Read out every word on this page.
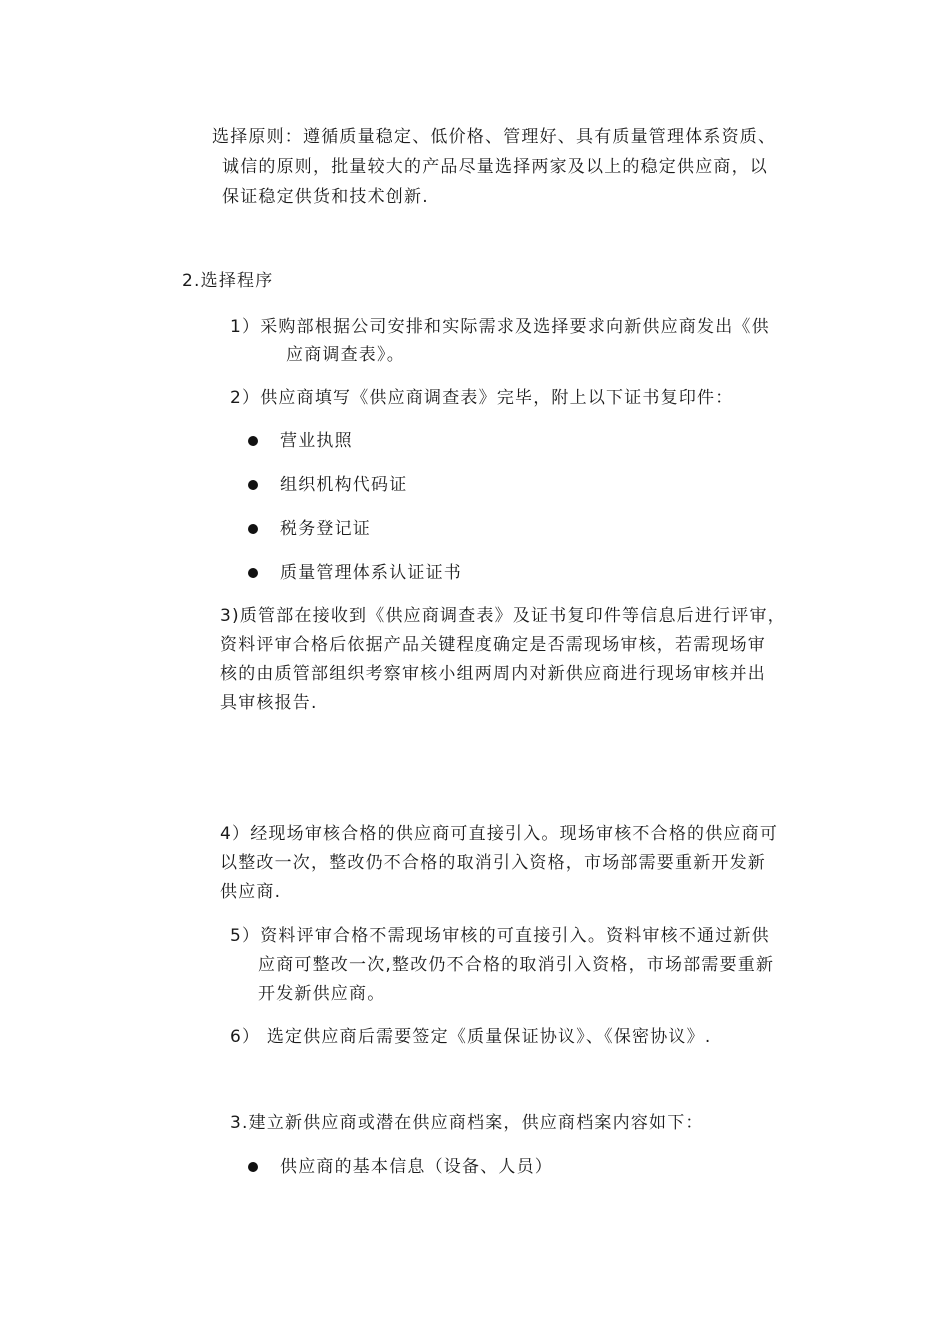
选择原则：遵循质量稳定、低价格、管理好、具有质量管理体系资质、
诚信的原则，批量较大的产品尽量选择两家及以上的稳定供应商，以
保证稳定供货和技术创新.
2.选择程序
1）采购部根据公司安排和实际需求及选择要求向新供应商发出《供
应商调查表》。
2）供应商填写《供应商调查表》完毕，附上以下证书复印件：
营业执照
组织机构代码证
税务登记证
质量管理体系认证证书
3)质管部在接收到《供应商调查表》及证书复印件等信息后进行评审，
资料评审合格后依据产品关键程度确定是否需现场审核，若需现场审
核的由质管部组织考察审核小组两周内对新供应商进行现场审核并出
具审核报告.
4）经现场审核合格的供应商可直接引入。现场审核不合格的供应商可
以整改一次，整改仍不合格的取消引入资格，市场部需要重新开发新
供应商.
5）资料评审合格不需现场审核的可直接引入。资料审核不通过新供
应商可整改一次,整改仍不合格的取消引入资格，市场部需要重新
开发新供应商。
6） 选定供应商后需要签定《质量保证协议》、《保密协议》.
3.建立新供应商或潜在供应商档案，供应商档案内容如下：
供应商的基本信息（设备、人员）
